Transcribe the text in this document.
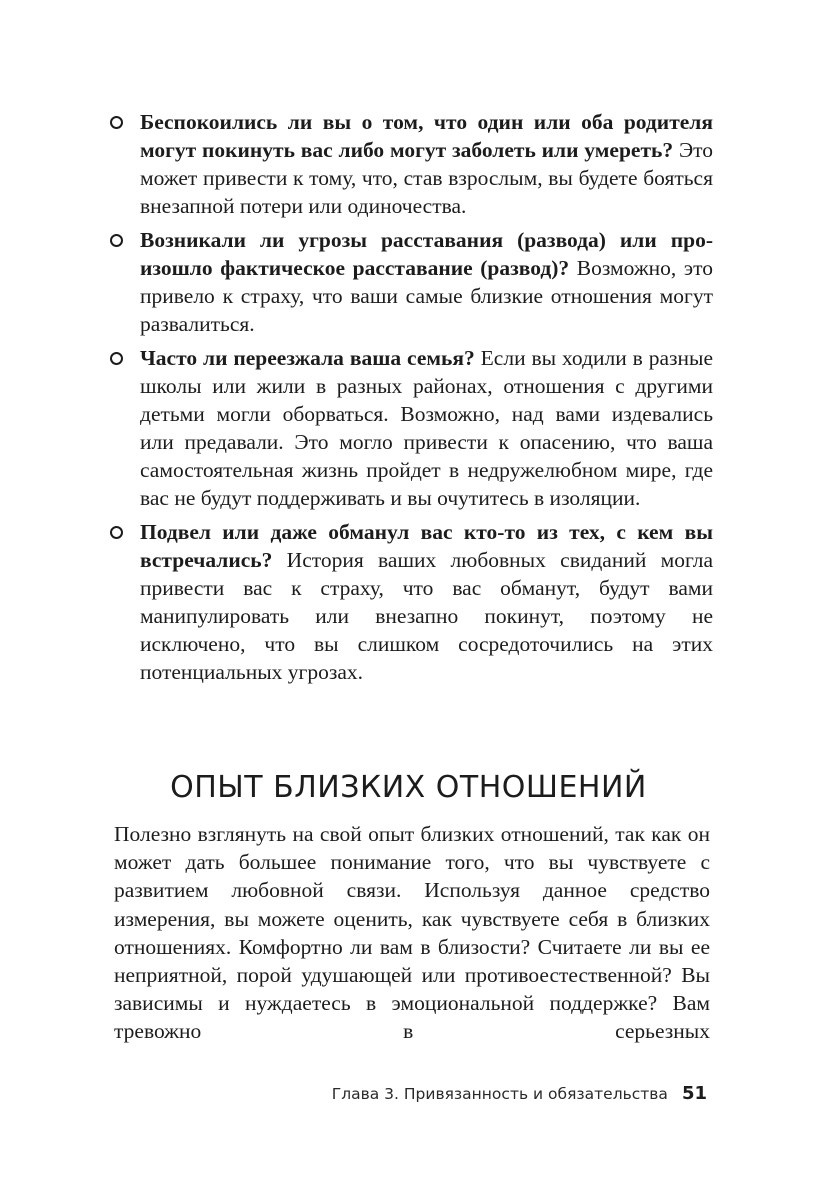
Беспокоились ли вы о том, что один или оба родителя могут покинуть вас либо могут заболеть или умереть? Это может привести к тому, что, став взрослым, вы будете бояться внезапной потери или одиночества.
Возникали ли угрозы расставания (развода) или произошло фактическое расставание (развод)? Возможно, это привело к страху, что ваши самые близкие отношения могут развалиться.
Часто ли переезжала ваша семья? Если вы ходили в разные школы или жили в разных районах, отношения с другими детьми могли оборваться. Возможно, над вами издевались или предавали. Это могло привести к опасению, что ваша самостоятельная жизнь пройдет в недружелюбном мире, где вас не будут поддерживать и вы очутитесь в изоляции.
Подвел или даже обманул вас кто-то из тех, с кем вы встречались? История ваших любовных свиданий могла привести вас к страху, что вас обманут, будут вами манипулировать или внезапно покинут, поэтому не исключено, что вы слишком сосредоточились на этих потенциальных угрозах.
ОПЫТ БЛИЗКИХ ОТНОШЕНИЙ

Полезно взглянуть на свой опыт близких отношений, так как он может дать большее понимание того, что вы чувствуете с развитием любовной связи. Используя данное средство измерения, вы можете оценить, как чувствуете себя в близких отношениях. Комфортно ли вам в близости? Считаете ли вы ее неприятной, порой удушающей или противоестественной? Вы зависимы и нуждаетесь в эмоциональной поддержке? Вам тревожно в серьезных

Глава 3. Привязанность и обязательства 51
